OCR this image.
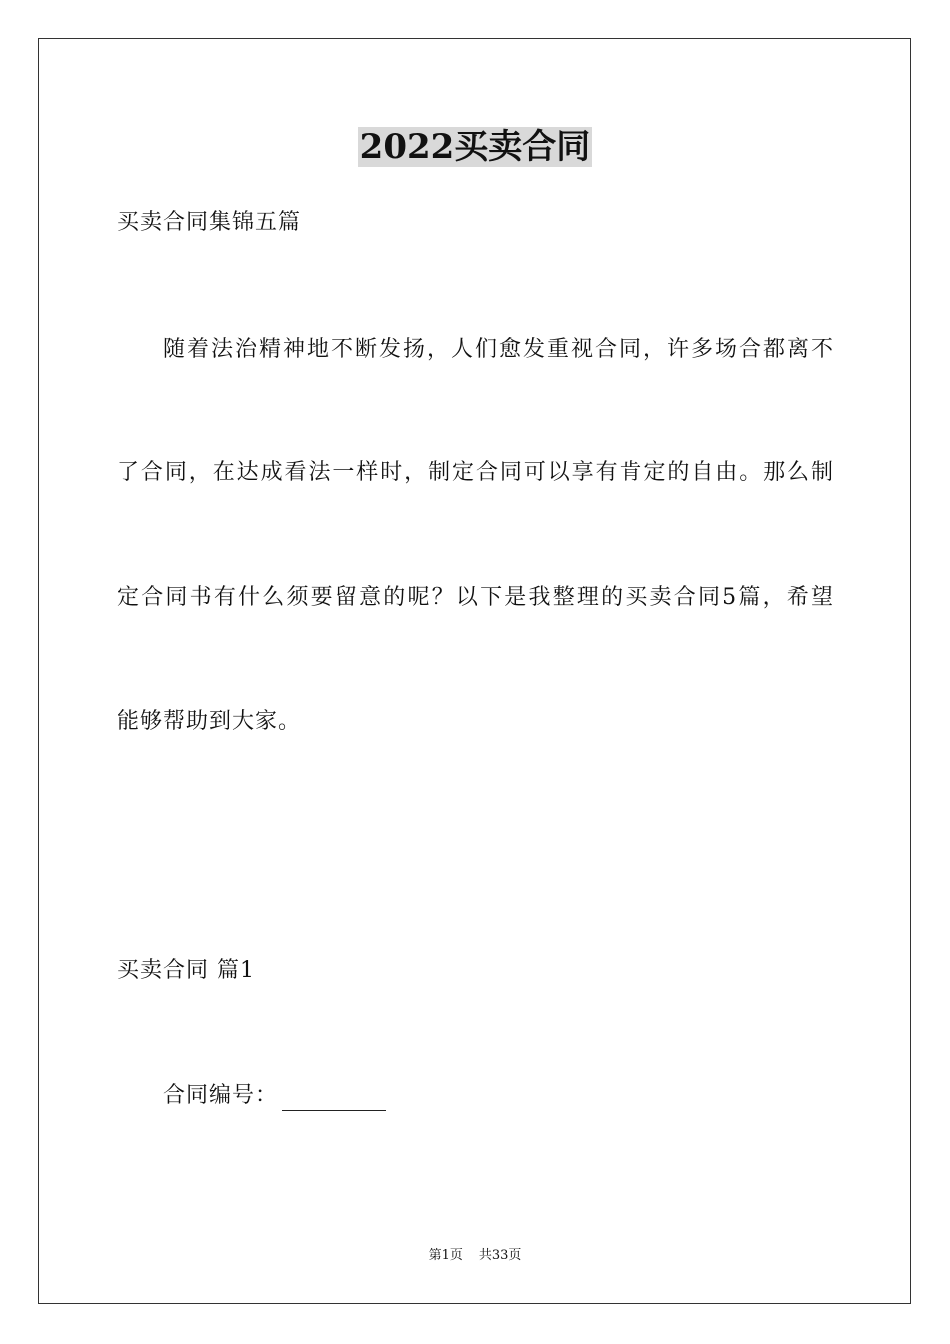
2022买卖合同
买卖合同集锦五篇
随着法治精神地不断发扬，人们愈发重视合同，许多场合都离不
了合同，在达成看法一样时，制定合同可以享有肯定的自由。那么制
定合同书有什么须要留意的呢？以下是我整理的买卖合同5篇，希望
能够帮助到大家。
买卖合同 篇1
合同编号：
第1页 共33页
